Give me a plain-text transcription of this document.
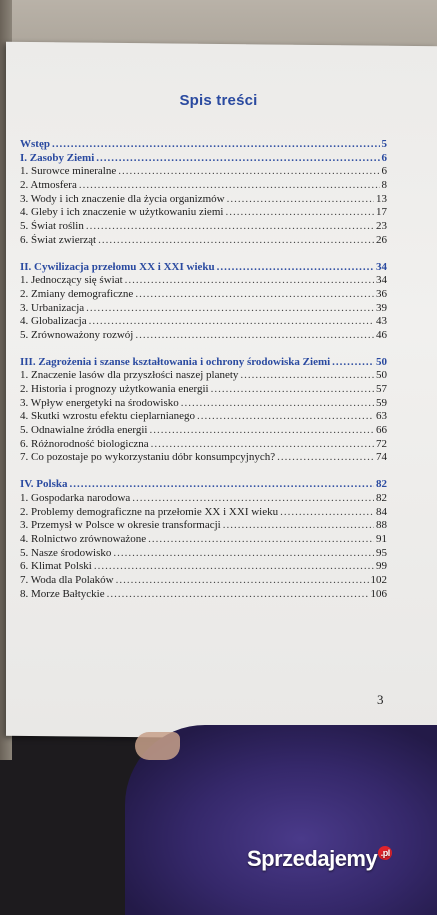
Spis treści
Wstęp .....	5
I. Zasoby Ziemi .....	6
1. Surowce mineralne .....	6
2. Atmosfera .....	8
3. Wody i ich znaczenie dla życia organizmów .....	13
4. Gleby i ich znaczenie w użytkowaniu ziemi .....	17
5. Świat roślin .....	23
6. Świat zwierząt .....	26
II. Cywilizacja przełomu XX i XXI wieku .....	34
1. Jednoczący się świat .....	34
2. Zmiany demograficzne .....	36
3. Urbanizacja .....	39
4. Globalizacja .....	43
5. Zrównoważony rozwój .....	46
III. Zagrożenia i szanse kształtowania i ochrony środowiska Ziemi .....	50
1. Znaczenie lasów dla przyszłości naszej planety .....	50
2. Historia i prognozy użytkowania energii .....	57
3. Wpływ energetyki na środowisko .....	59
4. Skutki wzrostu efektu cieplarnianego .....	63
5. Odnawialne źródła energii .....	66
6. Różnorodność biologiczna .....	72
7. Co pozostaje po wykorzystaniu dóbr konsumpcyjnych? .....	74
IV. Polska .....	82
1. Gospodarka narodowa .....	82
2. Problemy demograficzne na przełomie XX i XXI wieku .....	84
3. Przemysł w Polsce w okresie transformacji .....	88
4. Rolnictwo zrównoważone .....	91
5. Nasze środowisko .....	95
6. Klimat Polski .....	99
7. Woda dla Polaków .....	102
8. Morze Bałtyckie .....	106
3
Sprzedajemy .pl
